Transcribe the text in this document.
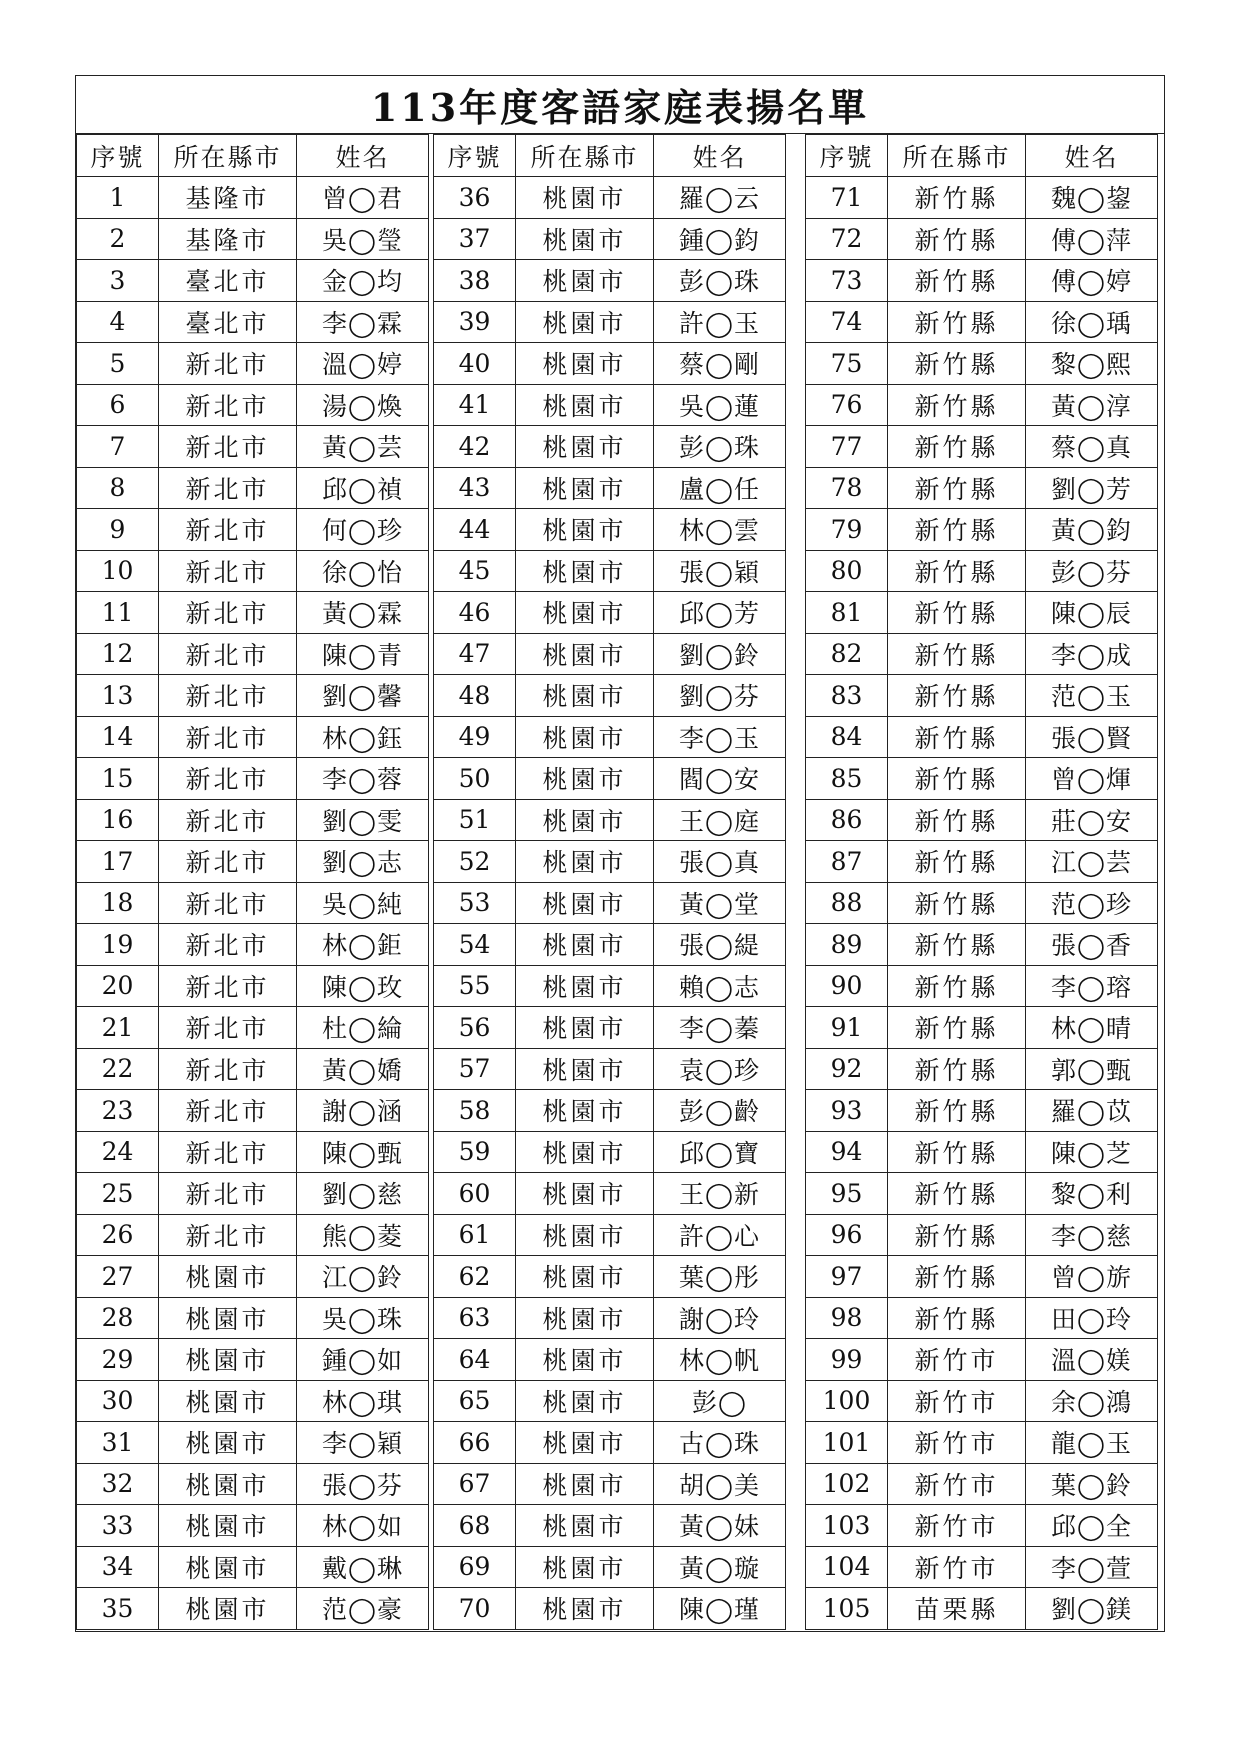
113年度客語家庭表揚名單
序號	所在縣市	姓名
1	基隆市	曾◯君
2	基隆市	吳◯瑩
3	臺北市	金◯均
4	臺北市	李◯霖
5	新北市	溫◯婷
6	新北市	湯◯煥
7	新北市	黃◯芸
8	新北市	邱◯禎
9	新北市	何◯珍
10	新北市	徐◯怡
11	新北市	黃◯霖
12	新北市	陳◯青
13	新北市	劉◯馨
14	新北市	林◯鈺
15	新北市	李◯蓉
16	新北市	劉◯雯
17	新北市	劉◯志
18	新北市	吳◯純
19	新北市	林◯鉅
20	新北市	陳◯玫
21	新北市	杜◯綸
22	新北市	黃◯嬌
23	新北市	謝◯涵
24	新北市	陳◯甄
25	新北市	劉◯慈
26	新北市	熊◯菱
27	桃園市	江◯鈴
28	桃園市	吳◯珠
29	桃園市	鍾◯如
30	桃園市	林◯琪
31	桃園市	李◯穎
32	桃園市	張◯芬
33	桃園市	林◯如
34	桃園市	戴◯琳
35	桃園市	范◯豪
序號	所在縣市	姓名
36	桃園市	羅◯云
37	桃園市	鍾◯鈞
38	桃園市	彭◯珠
39	桃園市	許◯玉
40	桃園市	蔡◯剛
41	桃園市	吳◯蓮
42	桃園市	彭◯珠
43	桃園市	盧◯任
44	桃園市	林◯雲
45	桃園市	張◯穎
46	桃園市	邱◯芳
47	桃園市	劉◯鈴
48	桃園市	劉◯芬
49	桃園市	李◯玉
50	桃園市	閻◯安
51	桃園市	王◯庭
52	桃園市	張◯真
53	桃園市	黃◯堂
54	桃園市	張◯緹
55	桃園市	賴◯志
56	桃園市	李◯蓁
57	桃園市	袁◯珍
58	桃園市	彭◯齡
59	桃園市	邱◯寶
60	桃園市	王◯新
61	桃園市	許◯心
62	桃園市	葉◯彤
63	桃園市	謝◯玲
64	桃園市	林◯帆
65	桃園市	彭◯
66	桃園市	古◯珠
67	桃園市	胡◯美
68	桃園市	黃◯妹
69	桃園市	黃◯璇
70	桃園市	陳◯瑾
序號	所在縣市	姓名
71	新竹縣	魏◯鋆
72	新竹縣	傅◯萍
73	新竹縣	傅◯婷
74	新竹縣	徐◯瑀
75	新竹縣	黎◯熙
76	新竹縣	黃◯淳
77	新竹縣	蔡◯真
78	新竹縣	劉◯芳
79	新竹縣	黃◯鈞
80	新竹縣	彭◯芬
81	新竹縣	陳◯辰
82	新竹縣	李◯成
83	新竹縣	范◯玉
84	新竹縣	張◯賢
85	新竹縣	曾◯煇
86	新竹縣	莊◯安
87	新竹縣	江◯芸
88	新竹縣	范◯珍
89	新竹縣	張◯香
90	新竹縣	李◯瑢
91	新竹縣	林◯晴
92	新竹縣	郭◯甄
93	新竹縣	羅◯苡
94	新竹縣	陳◯芝
95	新竹縣	黎◯利
96	新竹縣	李◯慈
97	新竹縣	曾◯旂
98	新竹縣	田◯玲
99	新竹市	溫◯媄
100	新竹市	余◯鴻
101	新竹市	龍◯玉
102	新竹市	葉◯鈴
103	新竹市	邱◯全
104	新竹市	李◯萱
105	苗栗縣	劉◯鎂
